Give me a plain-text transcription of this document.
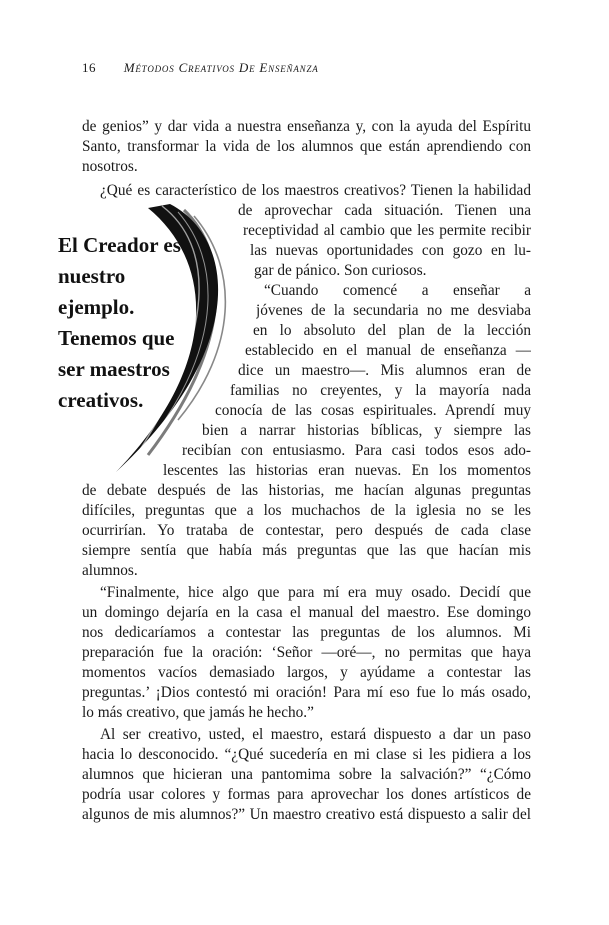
16 Métodos Creativos De Enseñanza
El Creador es
nuestro
ejemplo.
Tenemos que
ser maestros
creativos.
de genios” y dar vida a nuestra enseñanza y, con la ayuda del Espíritu
Santo, transformar la vida de los alumnos que están aprendiendo con
nosotros.
¿Qué es característico de los maestros creativos? Tienen la habilidad
de aprovechar cada situación. Tienen una
receptividad al cambio que les permite recibir
las nuevas oportunidades con gozo en lu-
gar de pánico. Son curiosos.
“Cuando comencé a enseñar a
jóvenes de la secundaria no me desviaba
en lo absoluto del plan de la lección
establecido en el manual de enseñanza —
dice un maestro—. Mis alumnos eran de
familias no creyentes, y la mayoría nada
conocía de las cosas espirituales. Aprendí muy
bien a narrar historias bíblicas, y siempre las
recibían con entusiasmo. Para casi todos esos ado-
lescentes las historias eran nuevas. En los momentos
de debate después de las historias, me hacían algunas preguntas
difíciles, preguntas que a los muchachos de la iglesia no se les
ocurrirían. Yo trataba de contestar, pero después de cada clase
siempre sentía que había más preguntas que las que hacían mis
alumnos.
“Finalmente, hice algo que para mí era muy osado. Decidí que
un domingo dejaría en la casa el manual del maestro. Ese domingo
nos dedicaríamos a contestar las preguntas de los alumnos. Mi
preparación fue la oración: ‘Señor —oré—, no permitas que haya
momentos vacíos demasiado largos, y ayúdame a contestar las
preguntas.’ ¡Dios contestó mi oración! Para mí eso fue lo más osado,
lo más creativo, que jamás he hecho.”
Al ser creativo, usted, el maestro, estará dispuesto a dar un paso
hacia lo desconocido. “¿Qué sucedería en mi clase si les pidiera a los
alumnos que hicieran una pantomima sobre la salvación?” “¿Cómo
podría usar colores y formas para aprovechar los dones artísticos de
algunos de mis alumnos?” Un maestro creativo está dispuesto a salir del
